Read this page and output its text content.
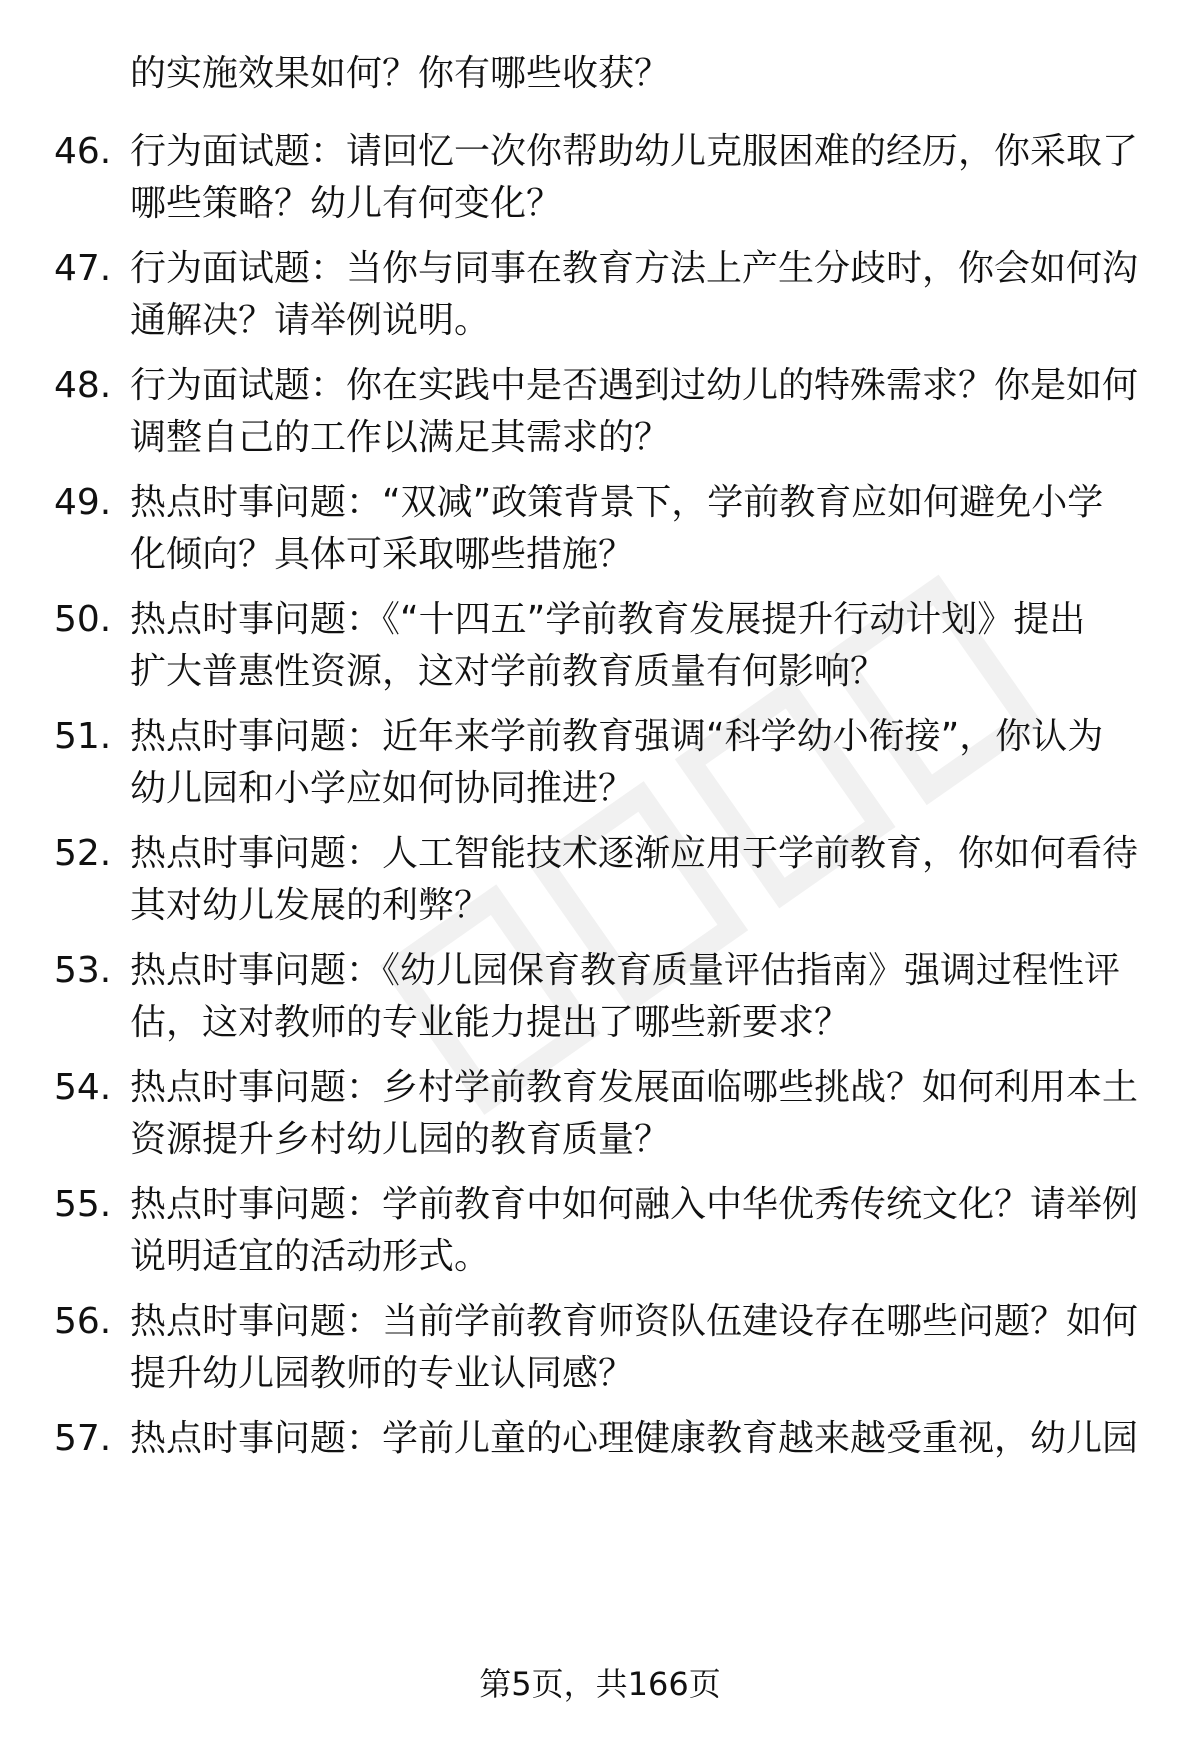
的实施效果如何？你有哪些收获？
46. 行为面试题：请回忆一次你帮助幼儿克服困难的经历，你采取了
哪些策略？幼儿有何变化？
47. 行为面试题：当你与同事在教育方法上产生分歧时，你会如何沟
通解决？请举例说明。
48. 行为面试题：你在实践中是否遇到过幼儿的特殊需求？你是如何
调整自己的工作以满足其需求的？
49. 热点时事问题：“双减”政策背景下，学前教育应如何避免小学
化倾向？具体可采取哪些措施？
50. 热点时事问题：《“十四五”学前教育发展提升行动计划》提出
扩大普惠性资源，这对学前教育质量有何影响？
51. 热点时事问题：近年来学前教育强调“科学幼小衔接”，你认为
幼儿园和小学应如何协同推进？
52. 热点时事问题：人工智能技术逐渐应用于学前教育，你如何看待
其对幼儿发展的利弊？
53. 热点时事问题：《幼儿园保育教育质量评估指南》强调过程性评
估，这对教师的专业能力提出了哪些新要求？
54. 热点时事问题：乡村学前教育发展面临哪些挑战？如何利用本土
资源提升乡村幼儿园的教育质量？
55. 热点时事问题：学前教育中如何融入中华优秀传统文化？请举例
说明适宜的活动形式。
56. 热点时事问题：当前学前教育师资队伍建设存在哪些问题？如何
提升幼儿园教师的专业认同感？
57. 热点时事问题：学前儿童的心理健康教育越来越受重视，幼儿园
第5页，共166页
